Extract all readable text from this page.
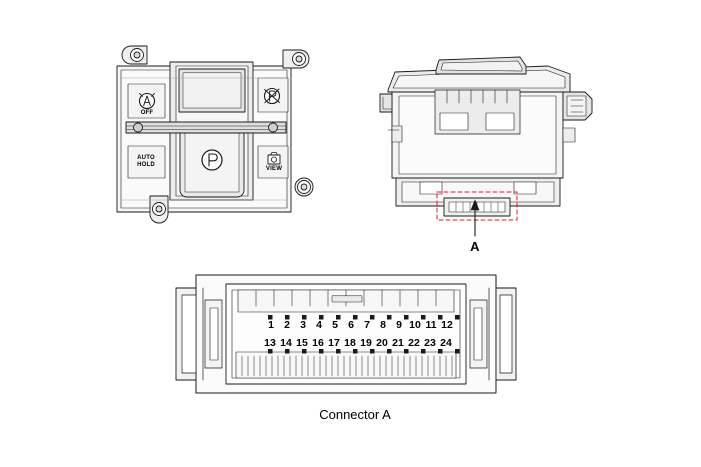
OFF
AUTO
HOLD
VIEW
A
1 2 3 4 5 6 7 8 9 10 11 12
13 14 15 16 17 18 19 20 21 22 23 24
Connector A
